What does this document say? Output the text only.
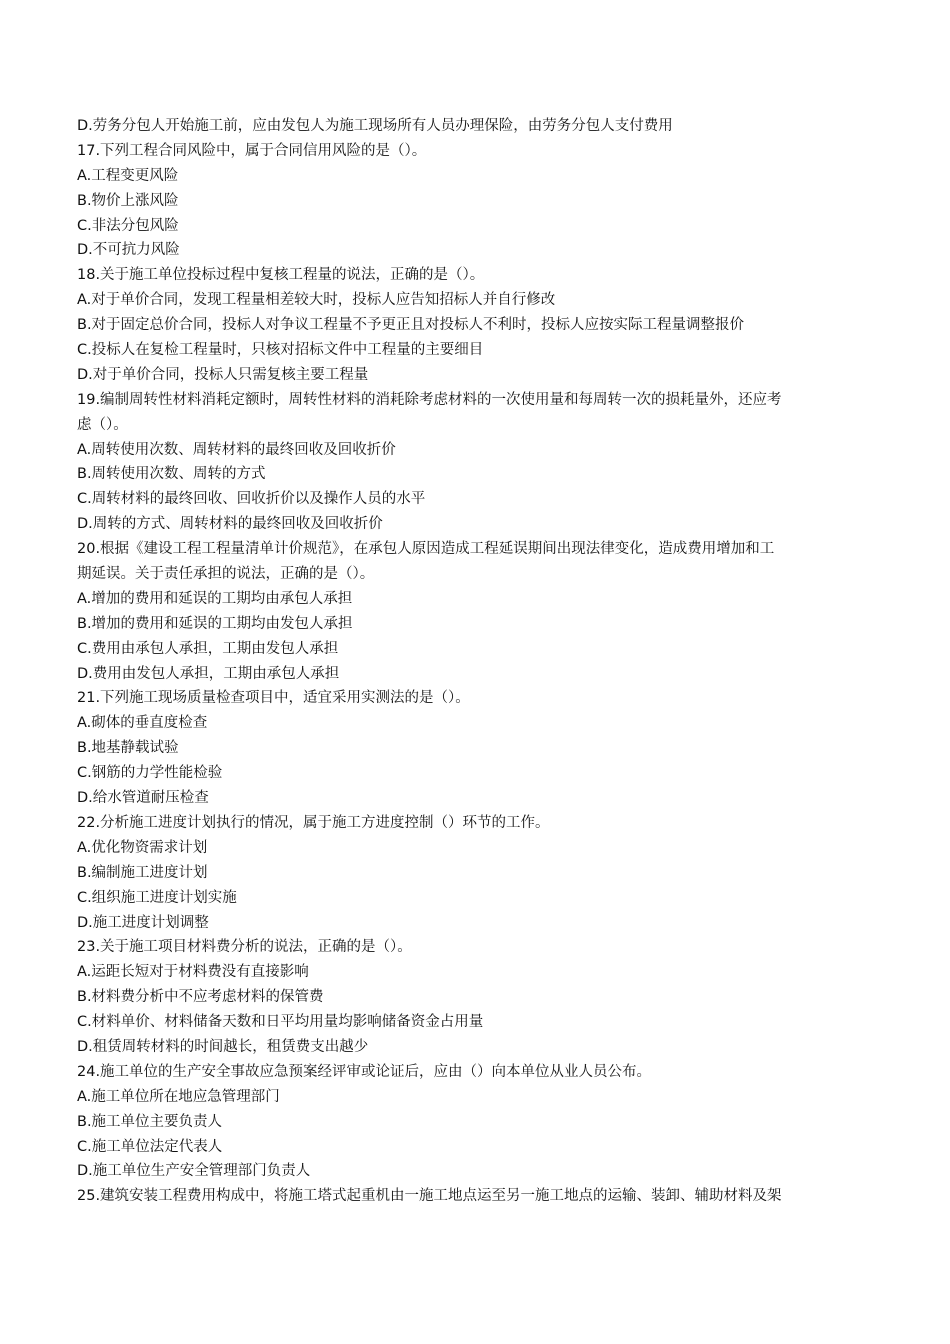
D.劳务分包人开始施工前，应由发包人为施工现场所有人员办理保险，由劳务分包人支付费用
17.下列工程合同风险中，属于合同信用风险的是（）。
A.工程变更风险
B.物价上涨风险
C.非法分包风险
D.不可抗力风险
18.关于施工单位投标过程中复核工程量的说法，正确的是（）。
A.对于单价合同，发现工程量相差较大时，投标人应告知招标人并自行修改
B.对于固定总价合同，投标人对争议工程量不予更正且对投标人不利时，投标人应按实际工程量调整报价
C.投标人在复检工程量时，只核对招标文件中工程量的主要细目
D.对于单价合同，投标人只需复核主要工程量
19.编制周转性材料消耗定额时，周转性材料的消耗除考虑材料的一次使用量和每周转一次的损耗量外，还应考
虑（）。
A.周转使用次数、周转材料的最终回收及回收折价
B.周转使用次数、周转的方式
C.周转材料的最终回收、回收折价以及操作人员的水平
D.周转的方式、周转材料的最终回收及回收折价
20.根据《建设工程工程量清单计价规范》，在承包人原因造成工程延误期间出现法律变化，造成费用增加和工
期延误。关于责任承担的说法，正确的是（）。
A.增加的费用和延误的工期均由承包人承担
B.增加的费用和延误的工期均由发包人承担
C.费用由承包人承担，工期由发包人承担
D.费用由发包人承担，工期由承包人承担
21.下列施工现场质量检查项目中，适宜采用实测法的是（）。
A.砌体的垂直度检查
B.地基静载试验
C.钢筋的力学性能检验
D.给水管道耐压检查
22.分析施工进度计划执行的情况，属于施工方进度控制（）环节的工作。
A.优化物资需求计划
B.编制施工进度计划
C.组织施工进度计划实施
D.施工进度计划调整
23.关于施工项目材料费分析的说法，正确的是（）。
A.运距长短对于材料费没有直接影响
B.材料费分析中不应考虑材料的保管费
C.材料单价、材料储备天数和日平均用量均影响储备资金占用量
D.租赁周转材料的时间越长，租赁费支出越少
24.施工单位的生产安全事故应急预案经评审或论证后，应由（）向本单位从业人员公布。
A.施工单位所在地应急管理部门
B.施工单位主要负责人
C.施工单位法定代表人
D.施工单位生产安全管理部门负责人
25.建筑安装工程费用构成中，将施工塔式起重机由一施工地点运至另一施工地点的运输、装卸、辅助材料及架
